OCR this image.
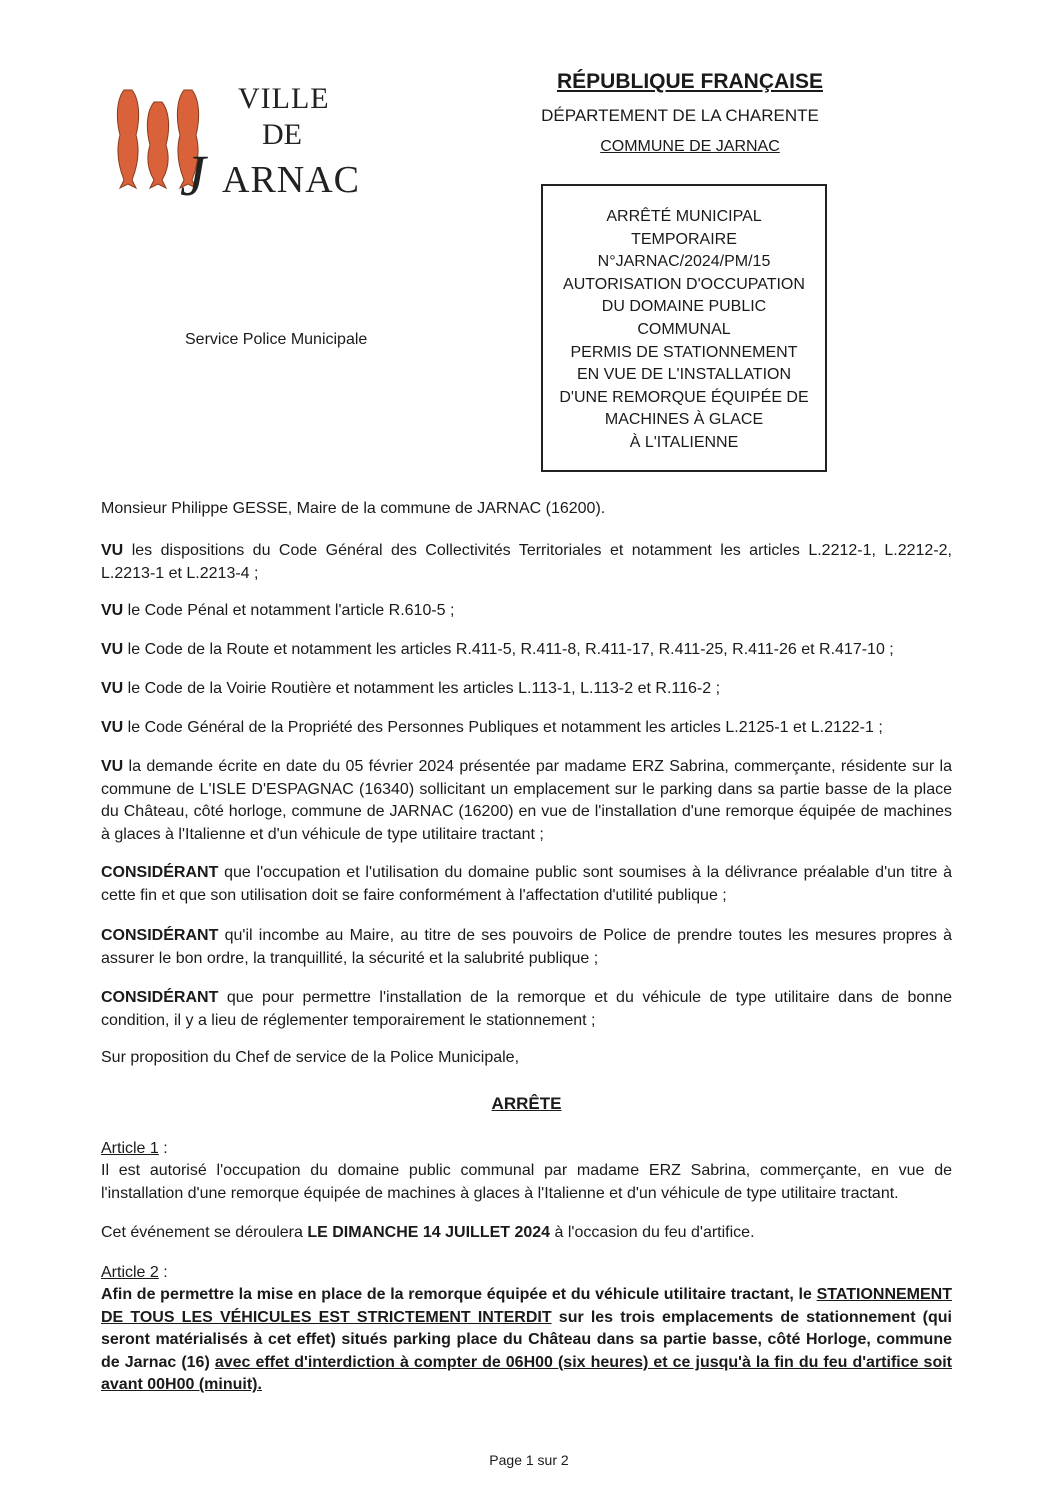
VILLE
DE
J ARNAC
RÉPUBLIQUE FRANÇAISE
DÉPARTEMENT DE LA CHARENTE
COMMUNE DE JARNAC
ARRÊTÉ MUNICIPAL
TEMPORAIRE
N°JARNAC/2024/PM/15
AUTORISATION D'OCCUPATION
DU DOMAINE PUBLIC
COMMUNAL
PERMIS DE STATIONNEMENT
EN VUE DE L'INSTALLATION
D'UNE REMORQUE ÉQUIPÉE DE
MACHINES À GLACE
À L'ITALIENNE
Service Police Municipale

Monsieur Philippe GESSE, Maire de la commune de JARNAC (16200).

VU les dispositions du Code Général des Collectivités Territoriales et notamment les articles L.2212-1, L.2212-2, L.2213-1 et L.2213-4 ;

VU le Code Pénal et notamment l'article R.610-5 ;

VU le Code de la Route et notamment les articles R.411-5, R.411-8, R.411-17, R.411-25, R.411-26 et R.417-10 ;

VU le Code de la Voirie Routière et notamment les articles L.113-1, L.113-2 et R.116-2 ;

VU le Code Général de la Propriété des Personnes Publiques et notamment les articles L.2125-1 et L.2122-1 ;

VU la demande écrite en date du 05 février 2024 présentée par madame ERZ Sabrina, commerçante, résidente sur la commune de L'ISLE D'ESPAGNAC (16340) sollicitant un emplacement sur le parking dans sa partie basse de la place du Château, côté horloge, commune de JARNAC (16200) en vue de l'installation d'une remorque équipée de machines à glaces à l'Italienne et d'un véhicule de type utilitaire tractant ;

CONSIDÉRANT que l'occupation et l'utilisation du domaine public sont soumises à la délivrance préalable d'un titre à cette fin et que son utilisation doit se faire conformément à l'affectation d'utilité publique ;

CONSIDÉRANT qu'il incombe au Maire, au titre de ses pouvoirs de Police de prendre toutes les mesures propres à assurer le bon ordre, la tranquillité, la sécurité et la salubrité publique ;

CONSIDÉRANT que pour permettre l'installation de la remorque et du véhicule de type utilitaire dans de bonne condition, il y a lieu de réglementer temporairement le stationnement ;

Sur proposition du Chef de service de la Police Municipale,

ARRÊTE

Article 1 :

Il est autorisé l'occupation du domaine public communal par madame ERZ Sabrina, commerçante, en vue de l'installation d'une remorque équipée de machines à glaces à l'Italienne et d'un véhicule de type utilitaire tractant.

Cet événement se déroulera LE DIMANCHE 14 JUILLET 2024 à l'occasion du feu d'artifice.

Article 2 :

Afin de permettre la mise en place de la remorque équipée et du véhicule utilitaire tractant, le STATIONNEMENT DE TOUS LES VÉHICULES EST STRICTEMENT INTERDIT sur les trois emplacements de stationnement (qui seront matérialisés à cet effet) situés parking place du Château dans sa partie basse, côté Horloge, commune de Jarnac (16) avec effet d'interdiction à compter de 06H00 (six heures) et ce jusqu'à la fin du feu d'artifice soit avant 00H00 (minuit).

Page 1 sur 2
